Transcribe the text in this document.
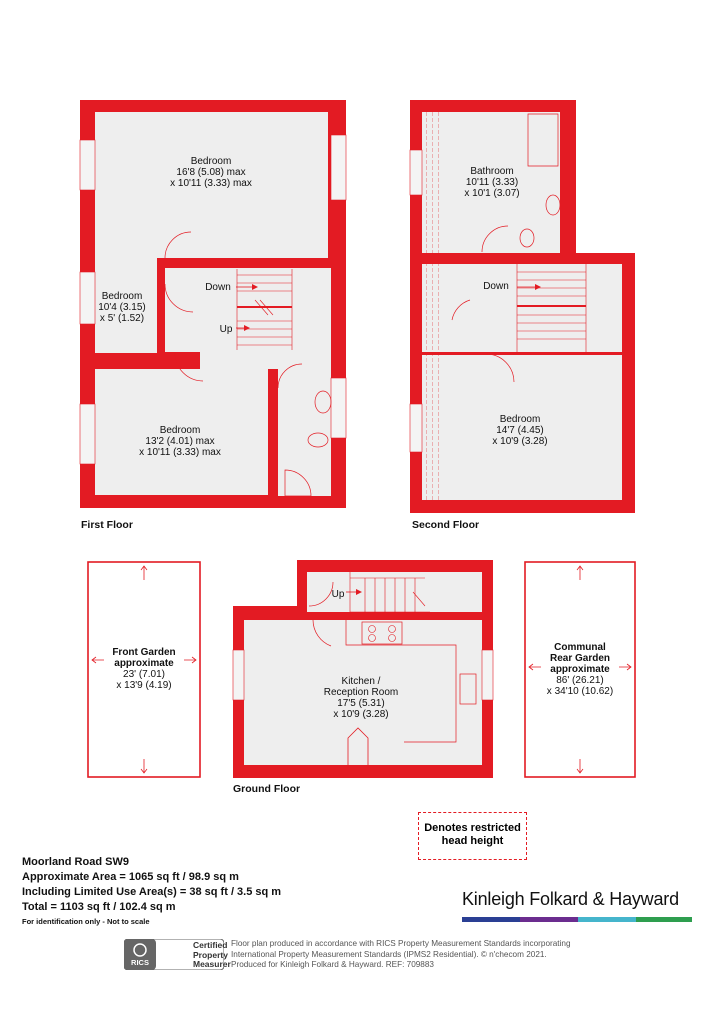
Bedroom
16'8 (5.08) max
x 10'11 (3.33) max
Bedroom
10'4 (3.15)
x 5' (1.52)
Bedroom
13'2 (4.01) max
x 10'11 (3.33) max
Down
Up
First Floor
Bathroom
10'11 (3.33)
x 10'1 (3.07)
Bedroom
14'7 (4.45)
x 10'9 (3.28)
Down
Second Floor
Kitchen /
Reception Room
17'5 (5.31)
x 10'9 (3.28)
Up
Ground Floor
Front Garden
approximate
23' (7.01)
x 13'9 (4.19)
Communal
Rear Garden
approximate
86' (26.21)
x 34'10 (10.62)
Denotes restricted
head height
Moorland Road SW9
Approximate Area = 1065 sq ft / 98.9 sq m
Including Limited Use Area(s) = 38 sq ft / 3.5 sq m
Total = 1103 sq ft / 102.4 sq m
For identification only - Not to scale
Kinleigh Folkard & Hayward
RICS
Certified
Property
Measurer
Floor plan produced in accordance with RICS Property Measurement Standards incorporating
International Property Measurement Standards (IPMS2 Residential). © n'checom 2021.
Produced for Kinleigh Folkard & Hayward. REF: 709883
